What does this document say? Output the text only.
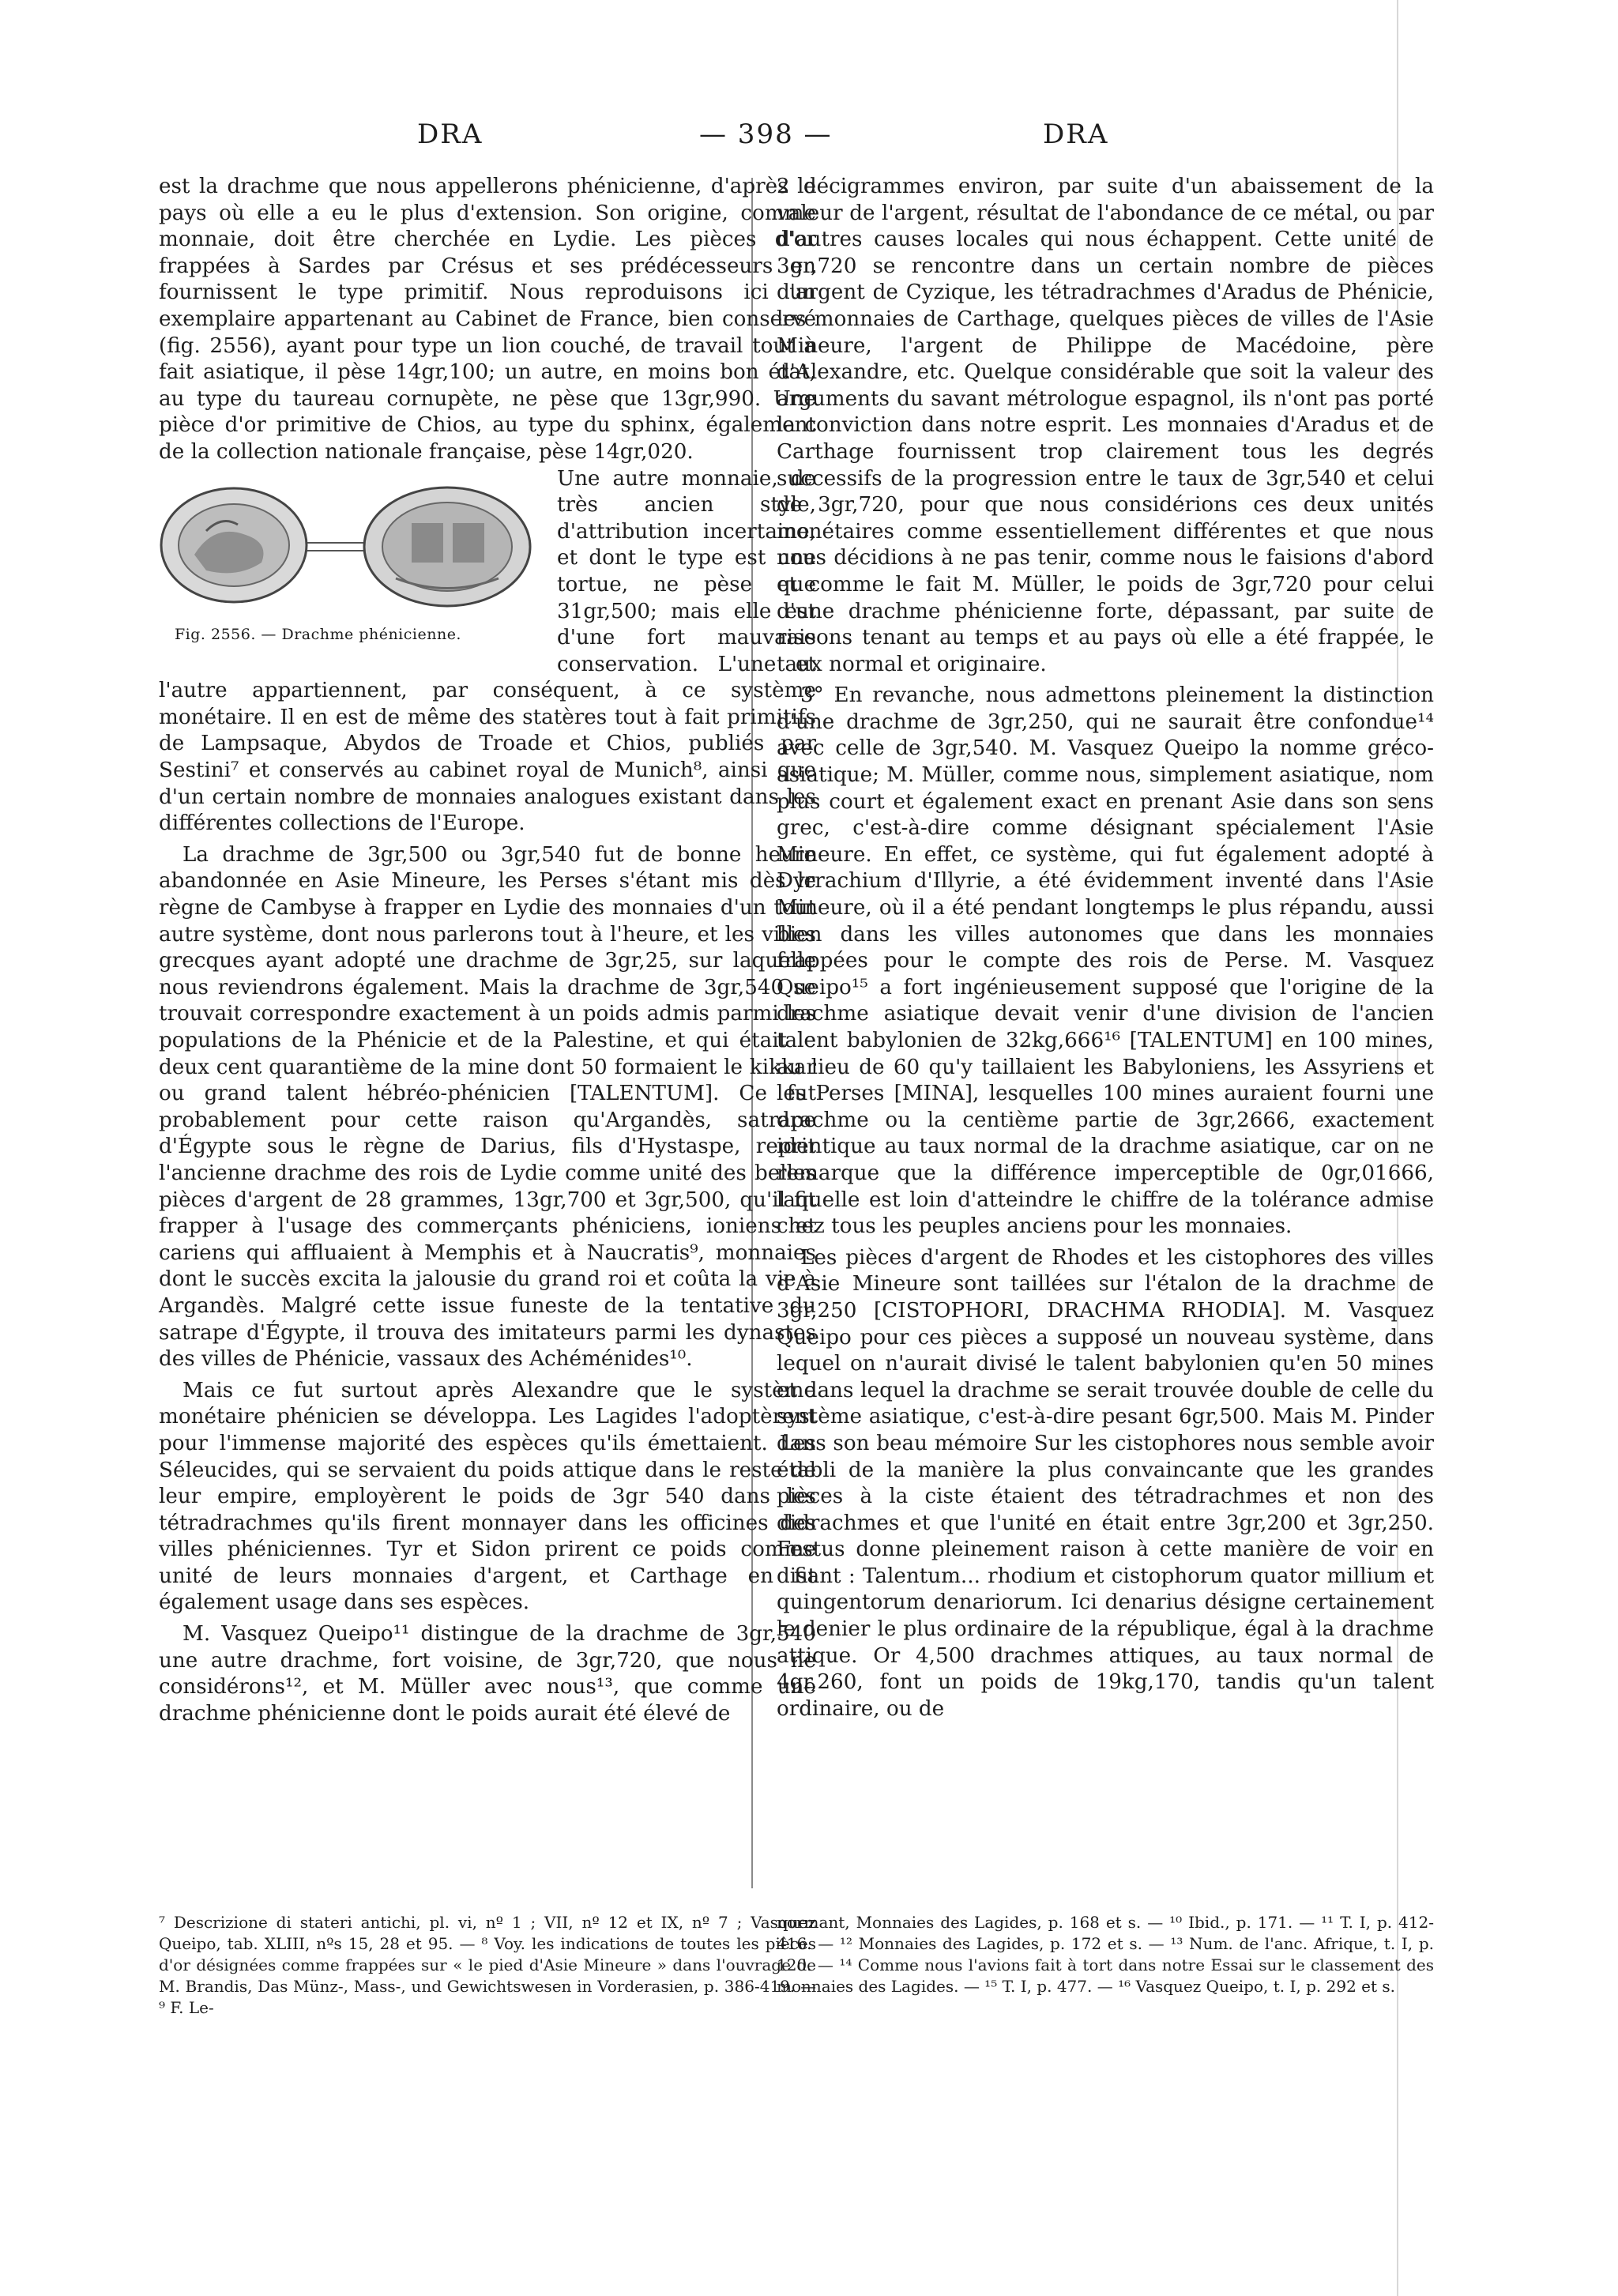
DRA	— 398 —	DRA

est la drachme que nous appellerons phénicienne, d'après le pays où elle a eu le plus d'extension. Son origine, comme monnaie, doit être cherchée en Lydie. Les pièces d'or frappées à Sardes par Crésus et ses prédécesseurs en fournissent le type primitif. Nous reproduisons ici un exemplaire appartenant au Cabinet de France, bien conservé (fig. 2556), ayant pour type un lion couché, de travail tout à fait asiatique, il pèse 14gr,100; un autre, en moins bon état, au type du taureau cornupète, ne pèse que 13gr,990. Une pièce d'or primitive de Chios, au type du sphinx, également de la collection nationale française, pèse 14gr,020.

Fig. 2556. — Drachme phénicienne.

Une autre monnaie, de très ancien style, d'attribution incertaine, et dont le type est une tortue, ne pèse que 31gr,500; mais elle est d'une fort mauvaise conservation. L'une et l'autre appartiennent, par conséquent, à ce système monétaire. Il en est de même des statères tout à fait primitifs de Lampsaque, Abydos de Troade et Chios, publiés par Sestini⁷ et conservés au cabinet royal de Munich⁸, ainsi que d'un certain nombre de monnaies analogues existant dans les différentes collections de l'Europe.

La drachme de 3gr,500 ou 3gr,540 fut de bonne heure abandonnée en Asie Mineure, les Perses s'étant mis dès le règne de Cambyse à frapper en Lydie des monnaies d'un tout autre système, dont nous parlerons tout à l'heure, et les villes grecques ayant adopté une drachme de 3gr,25, sur laquelle nous reviendrons également. Mais la drachme de 3gr,540 se trouvait correspondre exactement à un poids admis parmi les populations de la Phénicie et de la Palestine, et qui était le deux cent quarantième de la mine dont 50 formaient le kikkar ou grand talent hébréo-phénicien [TALENTUM]. Ce fut probablement pour cette raison qu'Argandès, satrape d'Égypte sous le règne de Darius, fils d'Hystaspe, reprit l'ancienne drachme des rois de Lydie comme unité des belles pièces d'argent de 28 grammes, 13gr,700 et 3gr,500, qu'il fit frapper à l'usage des commerçants phéniciens, ioniens et cariens qui affluaient à Memphis et à Naucratis⁹, monnaies dont le succès excita la jalousie du grand roi et coûta la vie à Argandès. Malgré cette issue funeste de la tentative du satrape d'Égypte, il trouva des imitateurs parmi les dynastes des villes de Phénicie, vassaux des Achéménides¹⁰.

Mais ce fut surtout après Alexandre que le système monétaire phénicien se développa. Les Lagides l'adoptèrent pour l'immense majorité des espèces qu'ils émettaient. Les Séleucides, qui se servaient du poids attique dans le reste de leur empire, employèrent le poids de 3gr 540 dans les tétradrachmes qu'ils firent monnayer dans les officines des villes phéniciennes. Tyr et Sidon prirent ce poids comme unité de leurs monnaies d'argent, et Carthage en fit également usage dans ses espèces.

M. Vasquez Queipo¹¹ distingue de la drachme de 3gr,540 une autre drachme, fort voisine, de 3gr,720, que nous ne considérons¹², et M. Müller avec nous¹³, que comme une drachme phénicienne dont le poids aurait été élevé de

2 décigrammes environ, par suite d'un abaissement de la valeur de l'argent, résultat de l'abondance de ce métal, ou par d'autres causes locales qui nous échappent. Cette unité de 3gr,720 se rencontre dans un certain nombre de pièces d'argent de Cyzique, les tétradrachmes d'Aradus de Phénicie, les monnaies de Carthage, quelques pièces de villes de l'Asie Mineure, l'argent de Philippe de Macédoine, père d'Alexandre, etc. Quelque considérable que soit la valeur des arguments du savant métrologue espagnol, ils n'ont pas porté la conviction dans notre esprit. Les monnaies d'Aradus et de Carthage fournissent trop clairement tous les degrés successifs de la progression entre le taux de 3gr,540 et celui de 3gr,720, pour que nous considérions ces deux unités monétaires comme essentiellement différentes et que nous nous décidions à ne pas tenir, comme nous le faisions d'abord et comme le fait M. Müller, le poids de 3gr,720 pour celui d'une drachme phénicienne forte, dépassant, par suite de raisons tenant au temps et au pays où elle a été frappée, le taux normal et originaire.

3° En revanche, nous admettons pleinement la distinction d'une drachme de 3gr,250, qui ne saurait être confondue¹⁴ avec celle de 3gr,540. M. Vasquez Queipo la nomme gréco-asiatique; M. Müller, comme nous, simplement asiatique, nom plus court et également exact en prenant Asie dans son sens grec, c'est-à-dire comme désignant spécialement l'Asie Mineure. En effet, ce système, qui fut également adopté à Dyrrachium d'Illyrie, a été évidemment inventé dans l'Asie Mineure, où il a été pendant longtemps le plus répandu, aussi bien dans les villes autonomes que dans les monnaies frappées pour le compte des rois de Perse. M. Vasquez Queipo¹⁵ a fort ingénieusement supposé que l'origine de la drachme asiatique devait venir d'une division de l'ancien talent babylonien de 32kg,666¹⁶ [TALENTUM] en 100 mines, au lieu de 60 qu'y taillaient les Babyloniens, les Assyriens et les Perses [MINA], lesquelles 100 mines auraient fourni une drachme ou la centième partie de 3gr,2666, exactement identique au taux normal de la drachme asiatique, car on ne remarque que la différence imperceptible de 0gr,01666, laquelle est loin d'atteindre le chiffre de la tolérance admise chez tous les peuples anciens pour les monnaies.

Les pièces d'argent de Rhodes et les cistophores des villes d'Asie Mineure sont taillées sur l'étalon de la drachme de 3gr,250 [CISTOPHORI, DRACHMA RHODIA]. M. Vasquez Queipo pour ces pièces a supposé un nouveau système, dans lequel on n'aurait divisé le talent babylonien qu'en 50 mines et dans lequel la drachme se serait trouvée double de celle du système asiatique, c'est-à-dire pesant 6gr,500. Mais M. Pinder dans son beau mémoire Sur les cistophores nous semble avoir établi de la manière la plus convaincante que les grandes pièces à la ciste étaient des tétradrachmes et non des didrachmes et que l'unité en était entre 3gr,200 et 3gr,250. Festus donne pleinement raison à cette manière de voir en disant : Talentum... rhodium et cistophorum quator millium et quingentorum denariorum. Ici denarius désigne certainement le denier le plus ordinaire de la république, égal à la drachme attique. Or 4,500 drachmes attiques, au taux normal de 4gr,260, font un poids de 19kg,170, tandis qu'un talent ordinaire, ou de

⁷ Descrizione di stateri antichi, pl. vi, nº 1 ; VII, nº 12 et IX, nº 7 ; Vasquez Queipo, tab. XLIII, nºs 15, 28 et 95. — ⁸ Voy. les indications de toutes les pièces d'or désignées comme frappées sur « le pied d'Asie Mineure » dans l'ouvrage de M. Brandis, Das Münz-, Mass-, und Gewichtswesen in Vorderasien, p. 386-419. — ⁹ F. Le-

normant, Monnaies des Lagides, p. 168 et s. — ¹⁰ Ibid., p. 171. — ¹¹ T. I, p. 412-416. — ¹² Monnaies des Lagides, p. 172 et s. — ¹³ Num. de l'anc. Afrique, t. I, p. 120. — ¹⁴ Comme nous l'avions fait à tort dans notre Essai sur le classement des monnaies des Lagides. — ¹⁵ T. I, p. 477. — ¹⁶ Vasquez Queipo, t. I, p. 292 et s.
